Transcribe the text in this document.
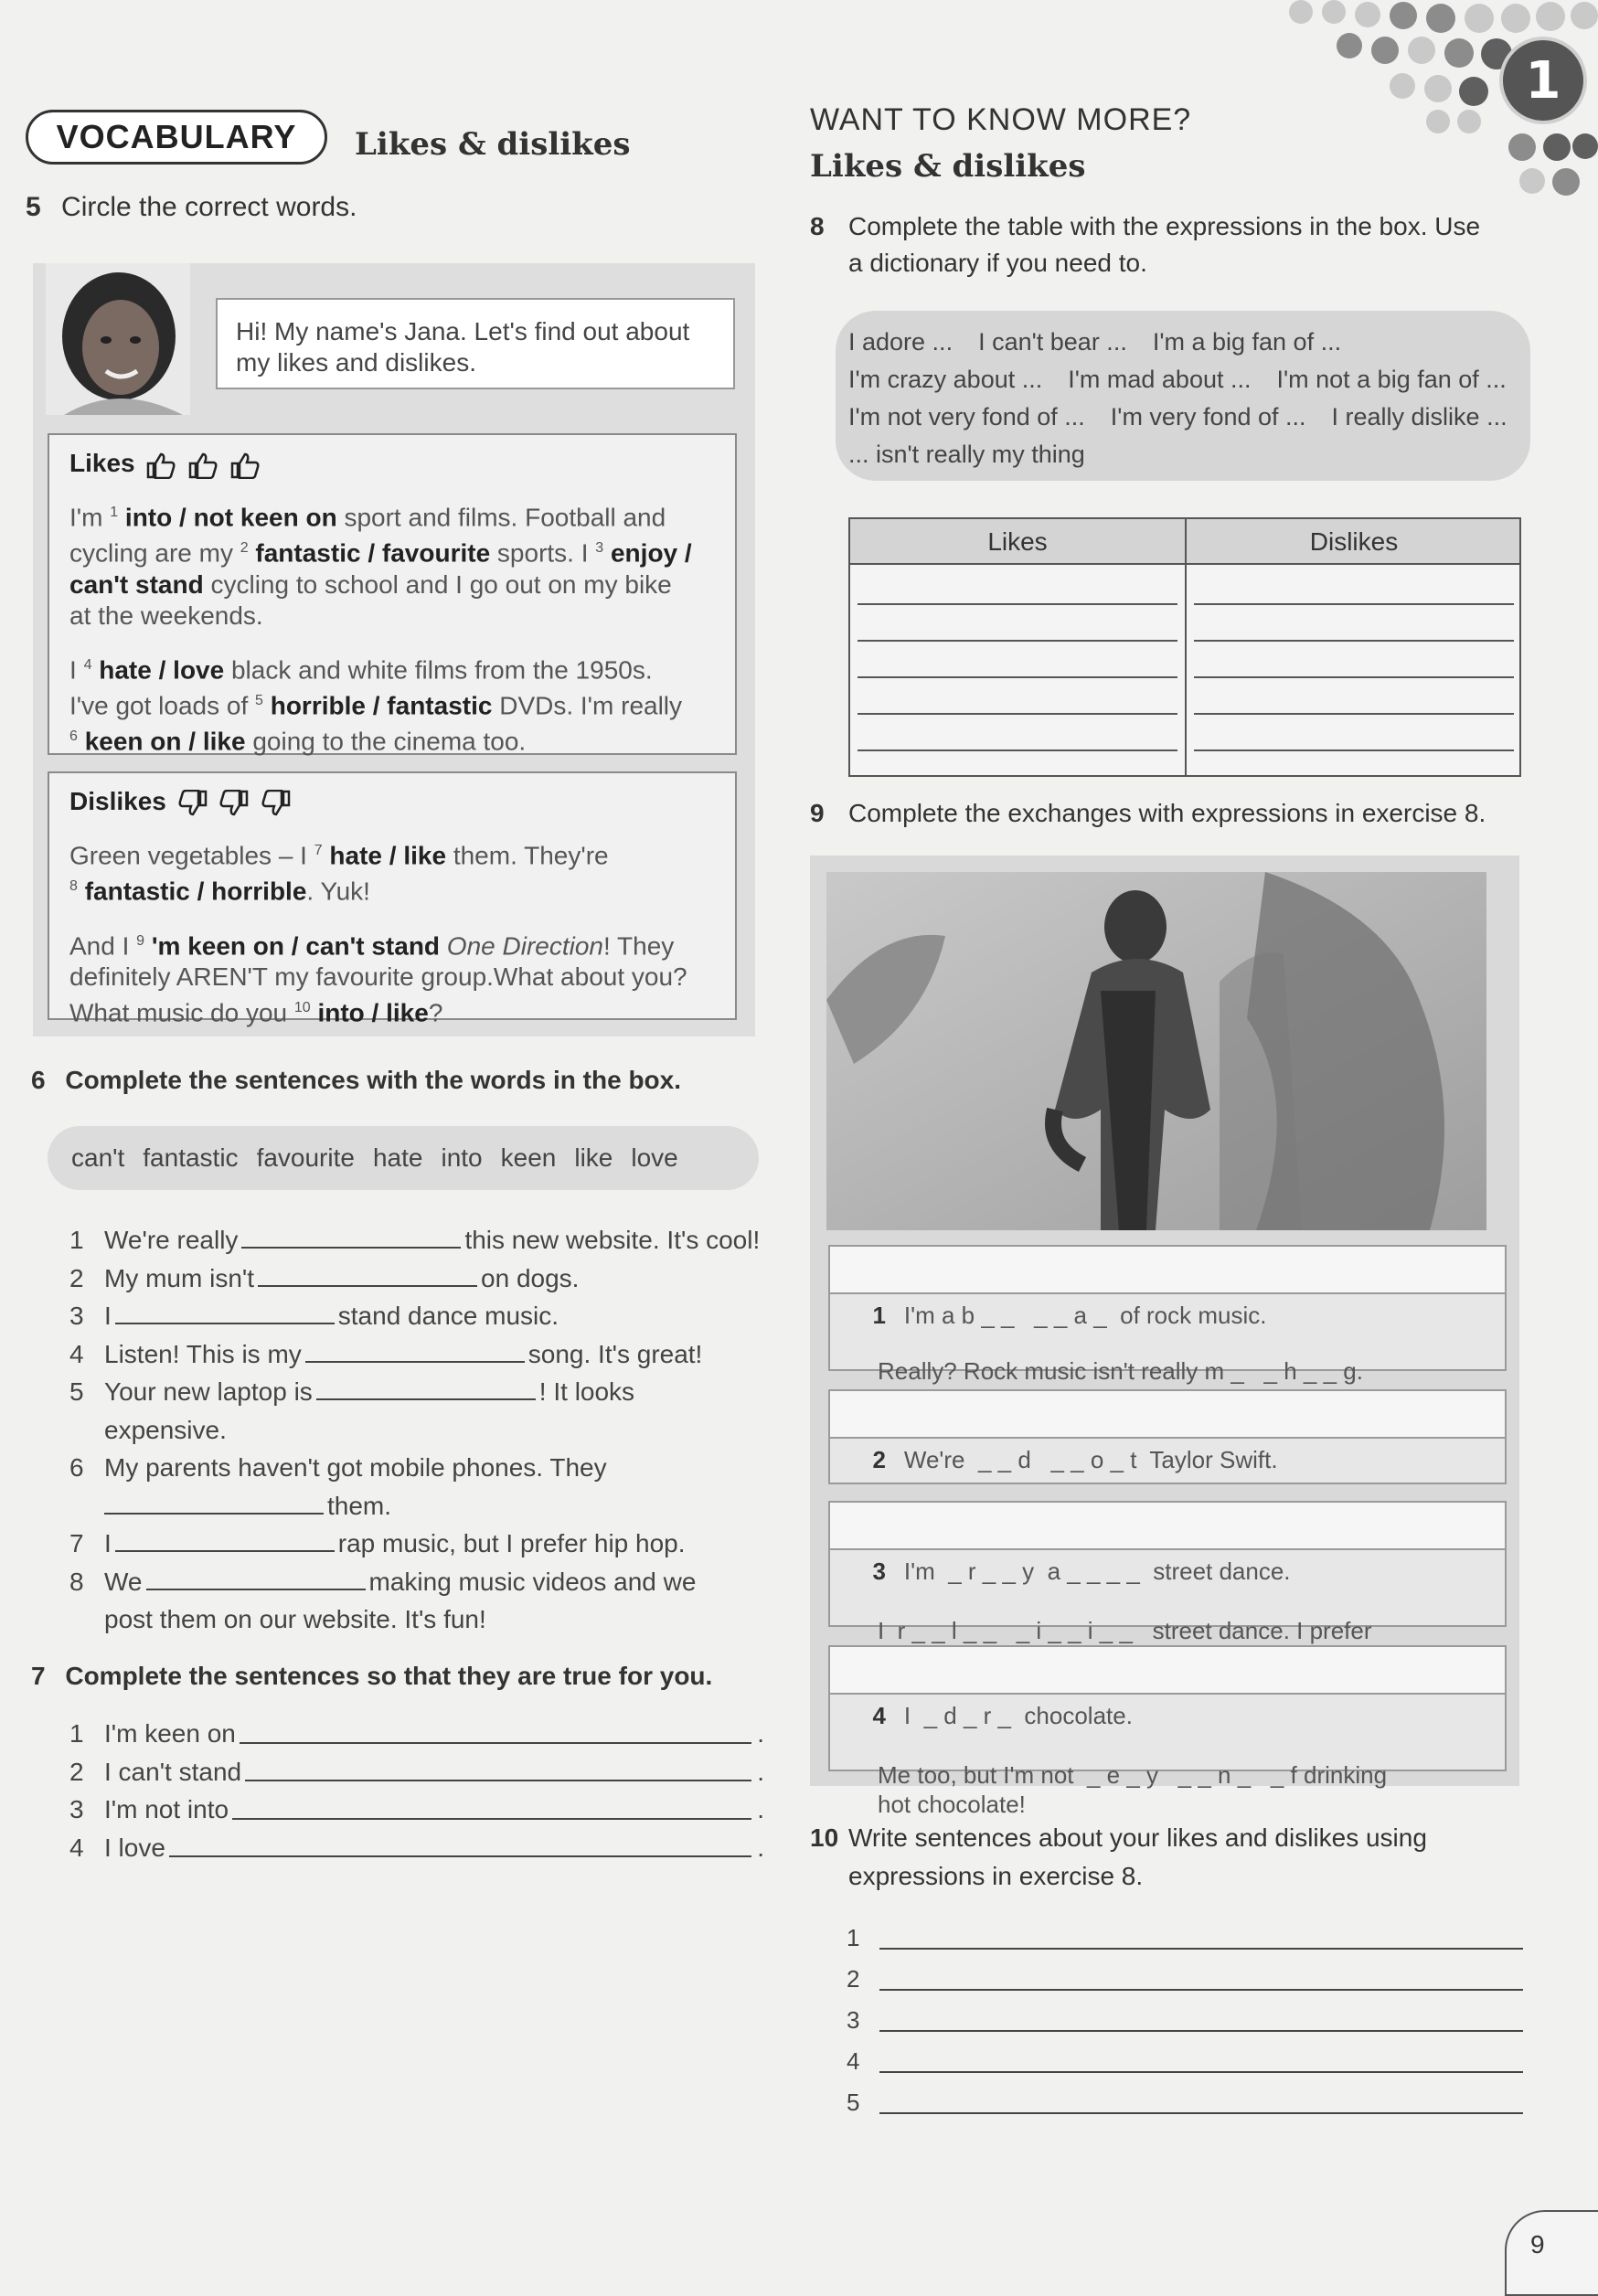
1
VOCABULARY Likes & dislikes
5 Circle the correct words.
Hi! My name's Jana. Let's find out about
my likes and dislikes.
Likes
I'm $^1$ into / not keen on sport and films. Football and
cycling are my $^2$ fantastic / favourite sports. I $^3$ enjoy /
can't stand cycling to school and I go out on my bike
at the weekends.
I $^4$ hate / love black and white films from the 1950s.
I've got loads of $^5$ horrible / fantastic DVDs. I'm really
$^6$ keen on / like going to the cinema too.
Dislikes
Green vegetables – I $^7$ hate / like them. They're
$^8$ fantastic / horrible. Yuk!
And I $^9$ 'm keen on / can't stand One Direction! They
definitely AREN'T my favourite group.What about you?
What music do you $^{10}$ into / like?
6 Complete the sentences with the words in the box.
can't fantastic favourite hate into keen like love
1 We're really	this new website. It's cool!
2 My mum isn't	on dogs.
3 I	stand dance music.
4 Listen! This is my	song. It's great!
5 Your new laptop is	! It looks
expensive.
6 My parents haven't got mobile phones. They
them.
7 I	rap music, but I prefer hip hop.
8 We	making music videos and we
post them on our website. It's fun!
7 Complete the sentences so that they are true for you.
1 I'm keen on	.
2 I can't stand	.
3 I'm not into	.
4 I love	.
WANT TO KNOW MORE?
Likes & dislikes
8 Complete the table with the expressions in the box. Use
a dictionary if you need to.
I adore ... I can't bear ... I'm a big fan of ...
I'm crazy about ... I'm mad about ... I'm not a big fan of ...
I'm not very fond of ... I'm very fond of ... I really dislike ...
... isn't really my thing
Likes	Dislikes
9 Complete the exchanges with expressions in exercise 8.

1 I'm a b _ _   _ _ a _  of rock music.

Really? Rock music isn't really m _   _ h _ _ g.

2 We're  _ _ d   _ _ o _ t  Taylor Swift.

3 I'm  _ r _ _ y  a _ _ _ _  street dance.

I  r _ _ l _ _   _ i _ _ i _ _   street dance. I prefer

4 I  _ d _ r _  chocolate.

Me too, but I'm not  _ e _ y   _ _ n _   _ f drinking
hot chocolate!

10 Write sentences about your likes and dislikes using
expressions in exercise 8.
1
2
3
4
5
9
